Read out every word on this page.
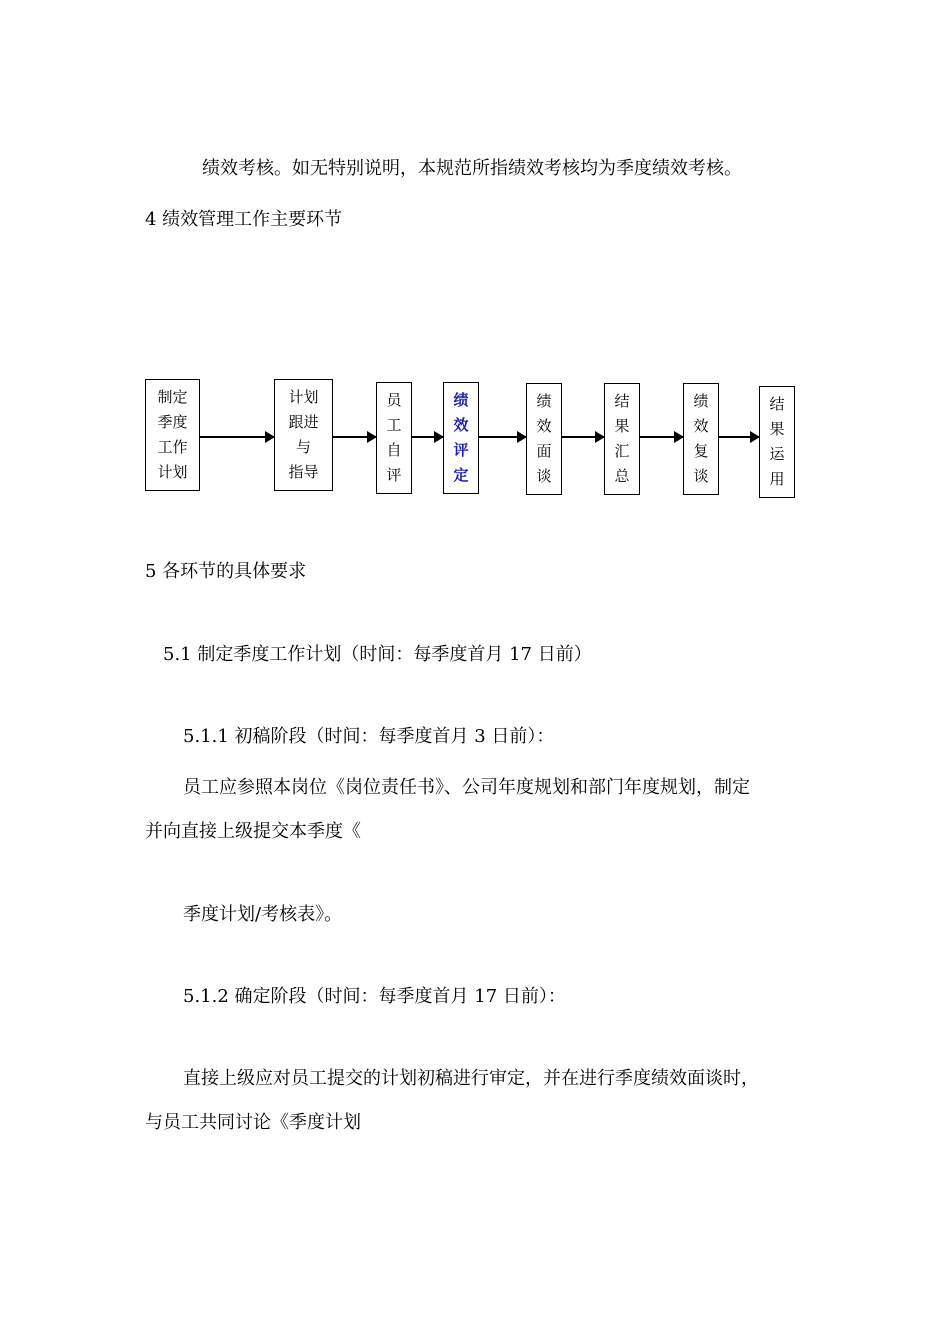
绩效考核。如无特别说明，本规范所指绩效考核均为季度绩效考核。

4 绩效管理工作主要环节

制定
季度
工作
计划
计划
跟进
与
指导
员
工
自
评
绩
效
评
定
绩
效
面
谈
结
果
汇
总
绩
效
复
谈
结
果
运
用

5 各环节的具体要求

5.1 制定季度工作计划（时间：每季度首月 17 日前）

5.1.1 初稿阶段（时间：每季度首月 3 日前）：

员工应参照本岗位《岗位责任书》、公司年度规划和部门年度规划，制定

并向直接上级提交本季度《

季度计划/考核表》。

5.1.2 确定阶段（时间：每季度首月 17 日前）：

直接上级应对员工提交的计划初稿进行审定，并在进行季度绩效面谈时，

与员工共同讨论《季度计划
